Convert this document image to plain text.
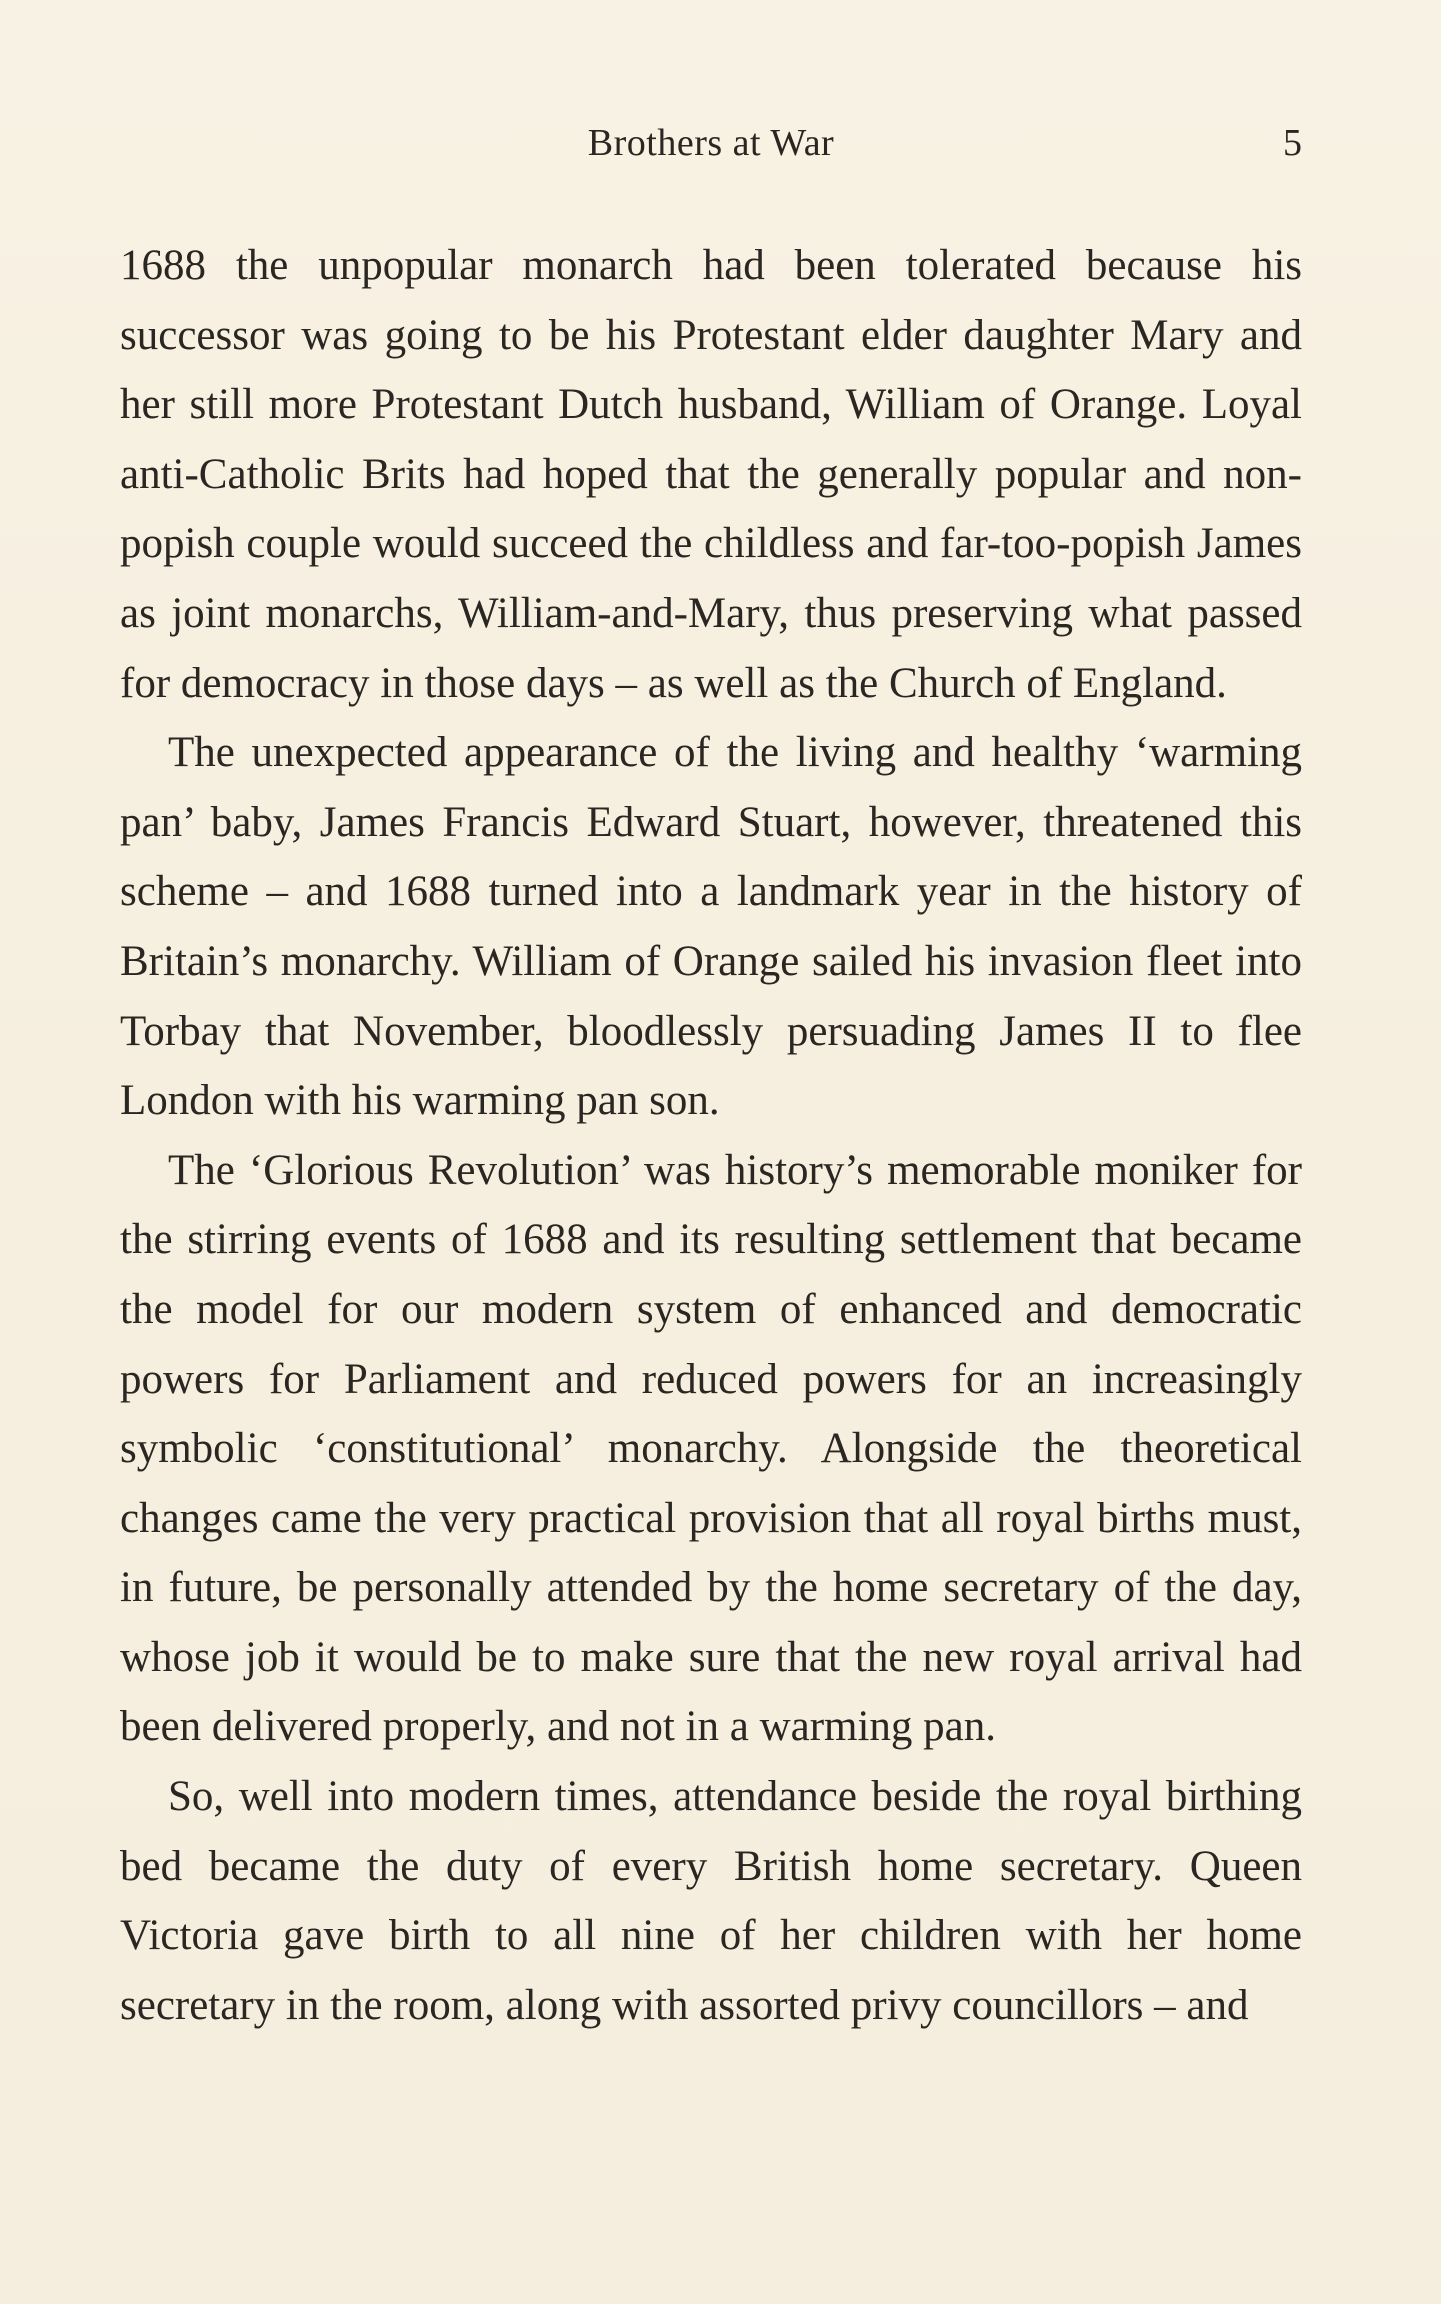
Brothers at War	5

1688 the unpopular monarch had been tolerated because his successor was going to be his Protestant elder daughter Mary and her still more Protestant Dutch husband, William of Orange. Loyal anti-Catholic Brits had hoped that the generally popular and non-popish couple would succeed the childless and far-too-popish James as joint monarchs, William-and-Mary, thus preserving what passed for democracy in those days – as well as the Church of England.

The unexpected appearance of the living and healthy ‘warming pan’ baby, James Francis Edward Stuart, however, threatened this scheme – and 1688 turned into a landmark year in the history of Britain’s monarchy. William of Orange sailed his invasion fleet into Torbay that November, bloodlessly persuading James II to flee London with his warming pan son.

The ‘Glorious Revolution’ was history’s memorable moniker for the stirring events of 1688 and its resulting settlement that became the model for our modern system of enhanced and democratic powers for Parliament and reduced powers for an increasingly symbolic ‘constitutional’ monarchy. Alongside the theoretical changes came the very practical provision that all royal births must, in future, be personally attended by the home secretary of the day, whose job it would be to make sure that the new royal arrival had been delivered properly, and not in a warming pan.

So, well into modern times, attendance beside the royal birthing bed became the duty of every British home secretary. Queen Victoria gave birth to all nine of her children with her home secretary in the room, along with assorted privy councillors – and
